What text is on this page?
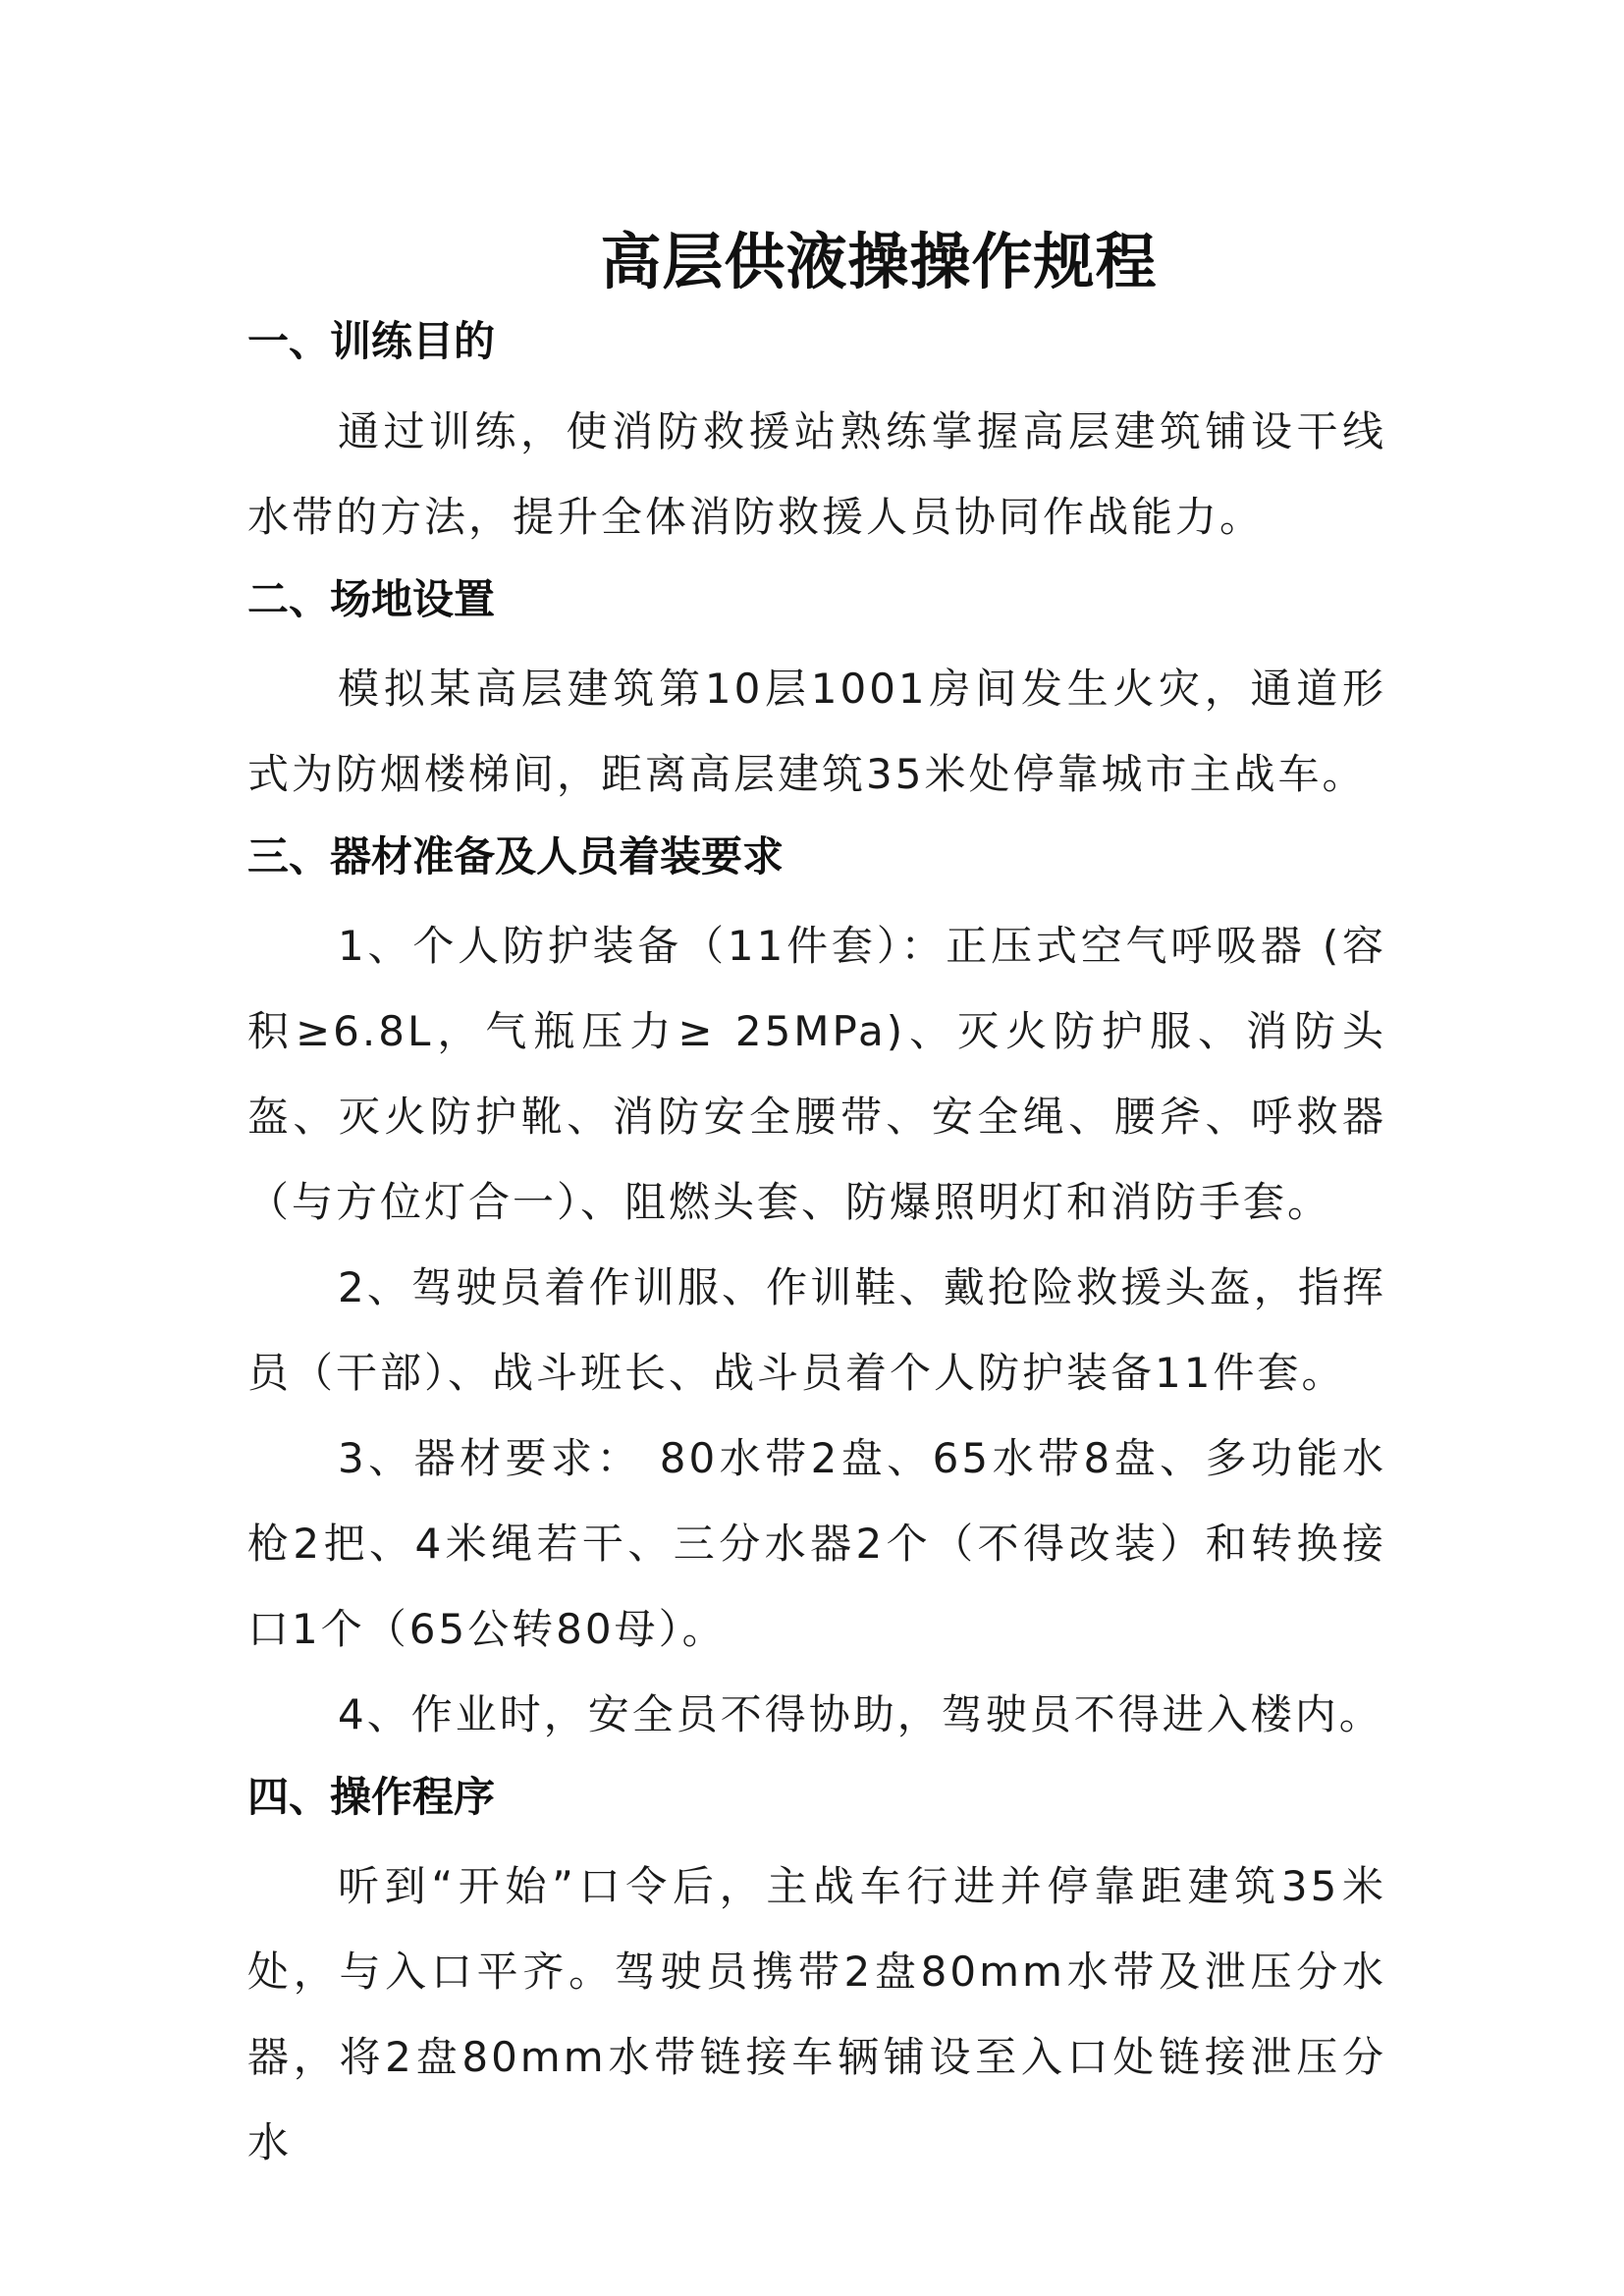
高层供液操操作规程
一、训练目的
通过训练，使消防救援站熟练掌握高层建筑铺设干线水带的方法，提升全体消防救援人员协同作战能力。
二、场地设置
模拟某高层建筑第10层1001房间发生火灾，通道形式为防烟楼梯间，距离高层建筑35米处停靠城市主战车。
三、器材准备及人员着装要求
1、个人防护装备（11件套）：正压式空气呼吸器 (容积≥6.8L，气瓶压力≥ 25MPa)、灭火防护服、消防头盔、灭火防护靴、消防安全腰带、安全绳、腰斧、呼救器（与方位灯合一）、阻燃头套、防爆照明灯和消防手套。
2、驾驶员着作训服、作训鞋、戴抢险救援头盔，指挥员（干部）、战斗班长、战斗员着个人防护装备11件套。
3、器材要求： 80水带2盘、65水带8盘、多功能水枪2把、4米绳若干、三分水器2个（不得改装）和转换接口1个（65公转80母）。
4、作业时，安全员不得协助，驾驶员不得进入楼内。
四、操作程序
听到“开始”口令后，主战车行进并停靠距建筑35米处，与入口平齐。驾驶员携带2盘80mm水带及泄压分水器，将2盘80mm水带链接车辆铺设至入口处链接泄压分水
